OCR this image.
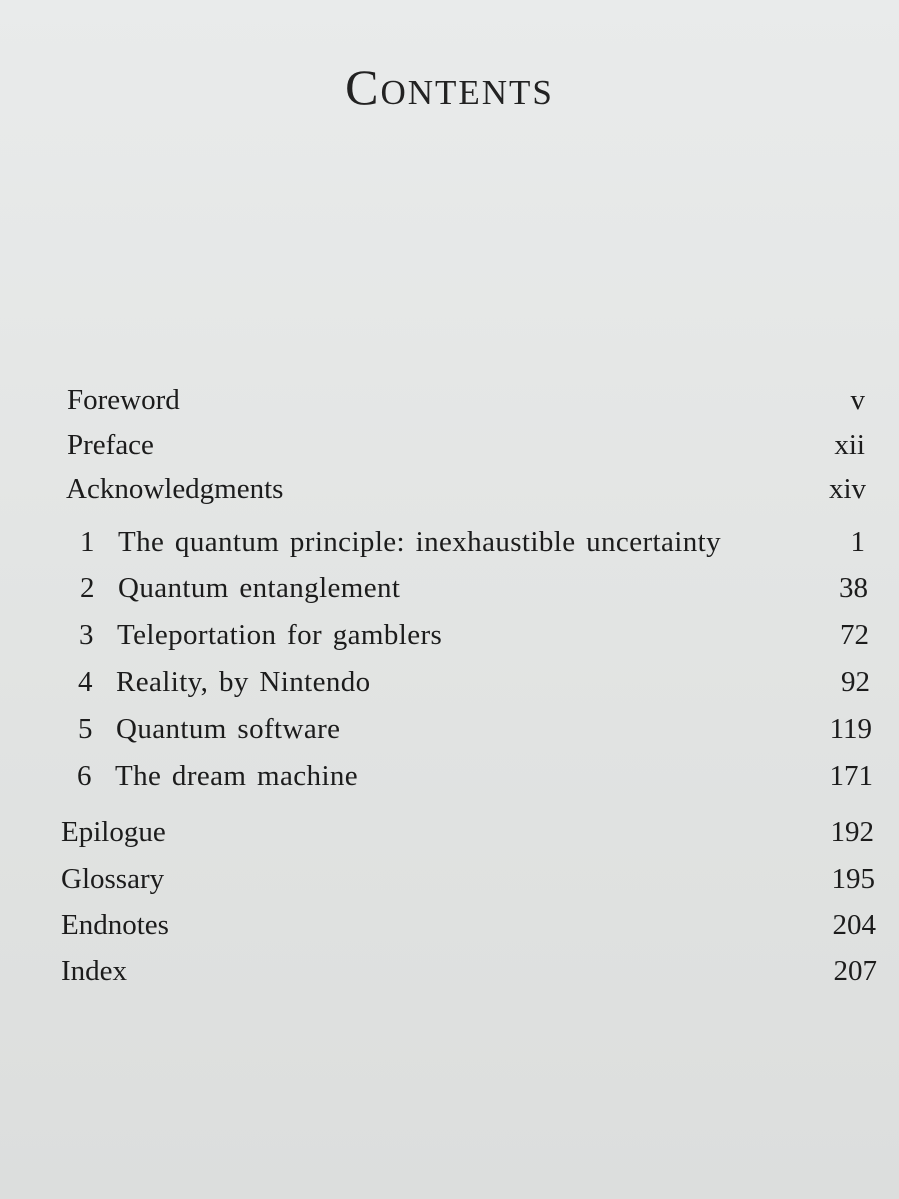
Contents
Foreword	v
Preface	xii
Acknowledgments	xiv
1 The quantum principle: inexhaustible uncertainty	1
2 Quantum entanglement	38
3 Teleportation for gamblers	72
4 Reality, by Nintendo	92
5 Quantum software	119
6 The dream machine	171
Epilogue	192
Glossary	195
Endnotes	204
Index	207
